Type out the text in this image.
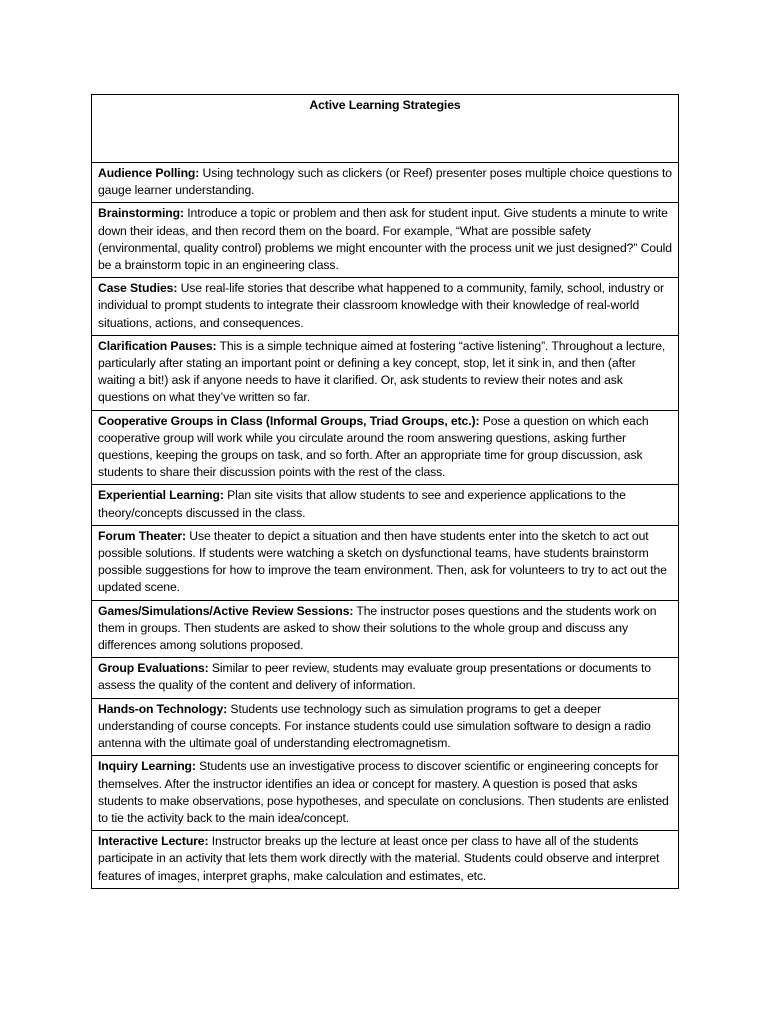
Active Learning Strategies
Audience Polling: Using technology such as clickers (or Reef) presenter poses multiple choice questions to gauge learner understanding.
Brainstorming: Introduce a topic or problem and then ask for student input. Give students a minute to write down their ideas, and then record them on the board. For example, “What are possible safety (environmental, quality control) problems we might encounter with the process unit we just designed?” Could be a brainstorm topic in an engineering class.
Case Studies: Use real-life stories that describe what happened to a community, family, school, industry or individual to prompt students to integrate their classroom knowledge with their knowledge of real-world situations, actions, and consequences.
Clarification Pauses: This is a simple technique aimed at fostering “active listening”. Throughout a lecture, particularly after stating an important point or defining a key concept, stop, let it sink in, and then (after waiting a bit!) ask if anyone needs to have it clarified. Or, ask students to review their notes and ask questions on what they’ve written so far.
Cooperative Groups in Class (Informal Groups, Triad Groups, etc.): Pose a question on which each cooperative group will work while you circulate around the room answering questions, asking further questions, keeping the groups on task, and so forth. After an appropriate time for group discussion, ask students to share their discussion points with the rest of the class.
Experiential Learning: Plan site visits that allow students to see and experience applications to the theory/concepts discussed in the class.
Forum Theater: Use theater to depict a situation and then have students enter into the sketch to act out possible solutions. If students were watching a sketch on dysfunctional teams, have students brainstorm possible suggestions for how to improve the team environment. Then, ask for volunteers to try to act out the updated scene.
Games/Simulations/Active Review Sessions: The instructor poses questions and the students work on them in groups. Then students are asked to show their solutions to the whole group and discuss any differences among solutions proposed.
Group Evaluations: Similar to peer review, students may evaluate group presentations or documents to assess the quality of the content and delivery of information.
Hands-on Technology: Students use technology such as simulation programs to get a deeper understanding of course concepts. For instance students could use simulation software to design a radio antenna with the ultimate goal of understanding electromagnetism.
Inquiry Learning: Students use an investigative process to discover scientific or engineering concepts for themselves. After the instructor identifies an idea or concept for mastery. A question is posed that asks students to make observations, pose hypotheses, and speculate on conclusions. Then students are enlisted to tie the activity back to the main idea/concept.
Interactive Lecture: Instructor breaks up the lecture at least once per class to have all of the students participate in an activity that lets them work directly with the material. Students could observe and interpret features of images, interpret graphs, make calculation and estimates, etc.
